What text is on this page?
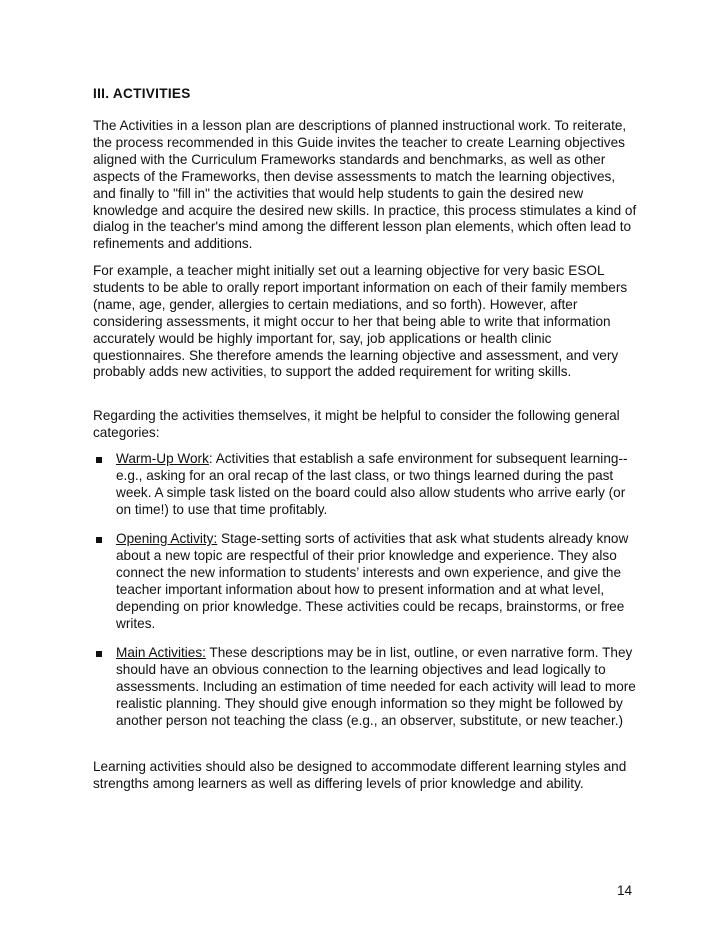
III. ACTIVITIES

The Activities in a lesson plan are descriptions of planned instructional work. To reiterate, the process recommended in this Guide invites the teacher to create Learning objectives aligned with the Curriculum Frameworks standards and benchmarks, as well as other aspects of the Frameworks, then devise assessments to match the learning objectives, and finally to "fill in" the activities that would help students to gain the desired new knowledge and acquire the desired new skills. In practice, this process stimulates a kind of dialog in the teacher's mind among the different lesson plan elements, which often lead to refinements and additions.

For example, a teacher might initially set out a learning objective for very basic ESOL students to be able to orally report important information on each of their family members (name, age, gender, allergies to certain mediations, and so forth). However, after considering assessments, it might occur to her that being able to write that information accurately would be highly important for, say, job applications or health clinic questionnaires. She therefore amends the learning objective and assessment, and very probably adds new activities, to support the added requirement for writing skills.

Regarding the activities themselves, it might be helpful to consider the following general categories:

Warm-Up Work: Activities that establish a safe environment for subsequent learning--e.g., asking for an oral recap of the last class, or two things learned during the past week. A simple task listed on the board could also allow students who arrive early (or on time!) to use that time profitably.
Opening Activity: Stage-setting sorts of activities that ask what students already know about a new topic are respectful of their prior knowledge and experience. They also connect the new information to students’ interests and own experience, and give the teacher important information about how to present information and at what level, depending on prior knowledge. These activities could be recaps, brainstorms, or free writes.
Main Activities: These descriptions may be in list, outline, or even narrative form. They should have an obvious connection to the learning objectives and lead logically to assessments. Including an estimation of time needed for each activity will lead to more realistic planning. They should give enough information so they might be followed by another person not teaching the class (e.g., an observer, substitute, or new teacher.)

Learning activities should also be designed to accommodate different learning styles and strengths among learners as well as differing levels of prior knowledge and ability.

14
